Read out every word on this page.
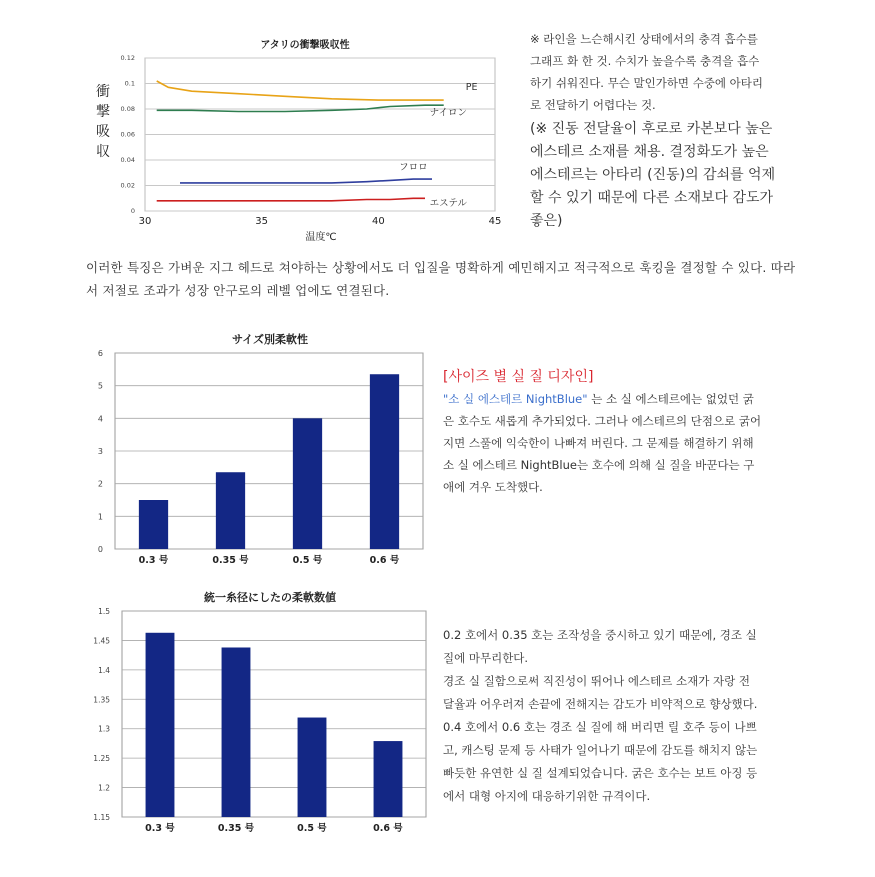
アタリの衝撃吸収性
0
0.02
0.04
0.06
0.08
0.1
0.12
30	35	40	45
PE
ナイロン
フロロ
エステル
衝
撃
吸
収
温度℃
※ 라인을 느슨해시킨 상태에서의 충격 흡수를
그래프 화 한 것. 수치가 높을수록 충격을 흡수
하기 쉬워진다. 무슨 말인가하면 수중에 아타리
로 전달하기 어렵다는 것.
(※ 진동 전달율이 후로로 카본보다 높은
에스테르 소재를 채용. 결정화도가 높은
에스테르는 아타리 (진동)의 감쇠를 억제
할 수 있기 때문에 다른 소재보다 감도가
좋은)
이러한 특징은 가벼운 지그 헤드로 쳐야하는 상황에서도 더 입질을 명확하게 예민해지고 적극적으로 훅킹을 결정할 수 있다. 따라
서 저절로 조과가 성장 안구로의 레벨 업에도 연결된다.
サイズ別柔軟性
0
1
2
3
4
5
6
0.3 号	0.35 号	0.5 号	0.6 号
[사이즈 별 실 질 디자인]
"소 실 에스테르 NightBlue" 는 소 실 에스테르에는 없었던 굵
은 호수도 새롭게 추가되었다. 그러나 에스테르의 단점으로 굵어
지면 스풀에 익숙한이 나빠져 버린다. 그 문제를 해결하기 위해
소 실 에스테르 NightBlue는 호수에 의해 실 질을 바꾼다는 구
애에 겨우 도착했다.
統一糸径にしたの柔軟数値
1.15
1.2
1.25
1.3
1.35
1.4
1.45
1.5
0.3 号	0.35 号	0.5 号	0.6 号
0.2 호에서 0.35 호는 조작성을 중시하고 있기 때문에, 경조 실
질에 마무리한다.
경조 실 질함으로써 직진성이 뛰어나 에스테르 소재가 자랑 전
달율과 어우러져 손끝에 전해지는 감도가 비약적으로 향상했다.
0.4 호에서 0.6 호는 경조 실 질에 해 버리면 릴 호주 등이 나쁘
고, 캐스팅 문제 등 사태가 일어나기 때문에 감도를 해치지 않는
빠듯한 유연한 실 질 설계되었습니다. 굵은 호수는 보트 아징 등
에서 대형 아지에 대응하기위한 규격이다.
